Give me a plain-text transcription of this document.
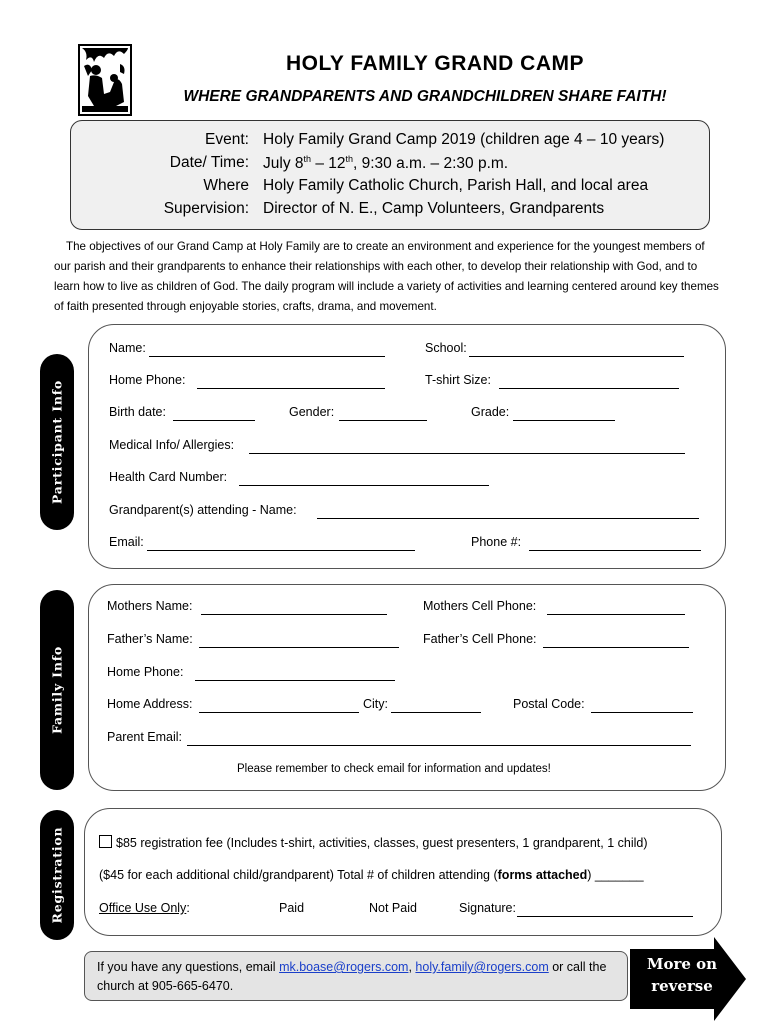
HOLY FAMILY GRAND CAMP
WHERE GRANDPARENTS AND GRANDCHILDREN SHARE FAITH!
Event: Holy Family Grand Camp 2019 (children age 4 – 10 years)
Date/ Time: July 8th – 12th, 9:30 a.m. – 2:30 p.m.
Where Holy Family Catholic Church, Parish Hall, and local area
Supervision: Director of N. E., Camp Volunteers, Grandparents
The objectives of our Grand Camp at Holy Family are to create an environment and experience for the youngest members of our parish and their grandparents to enhance their relationships with each other, to develop their relationship with God, and to learn how to live as children of God. The daily program will include a variety of activities and learning centered around key themes of faith presented through enjoyable stories, crafts, drama, and movement.
Name:	School:
Home Phone:	T-shirt Size:
Birth date:	Gender:	Grade:
Medical Info/ Allergies:
Health Card Number:
Grandparent(s) attending - Name:
Email:	Phone #:
Participant Info
Mothers Name:	Mothers Cell Phone:
Father’s Name:	Father’s Cell Phone:
Home Phone:
Home Address:	City:	Postal Code:
Parent Email:
Please remember to check email for information and updates!
Family Info
$85 registration fee (Includes t-shirt, activities, classes, guest presenters, 1 grandparent, 1 child)
($45 for each additional child/grandparent) Total # of children attending (forms attached) _______
Office Use Only:	Paid	Not Paid	Signature:
Registration
If you have any questions, email mk.boase@rogers.com, holy.family@rogers.com or call the church at 905-665-6470.
More on
reverse
